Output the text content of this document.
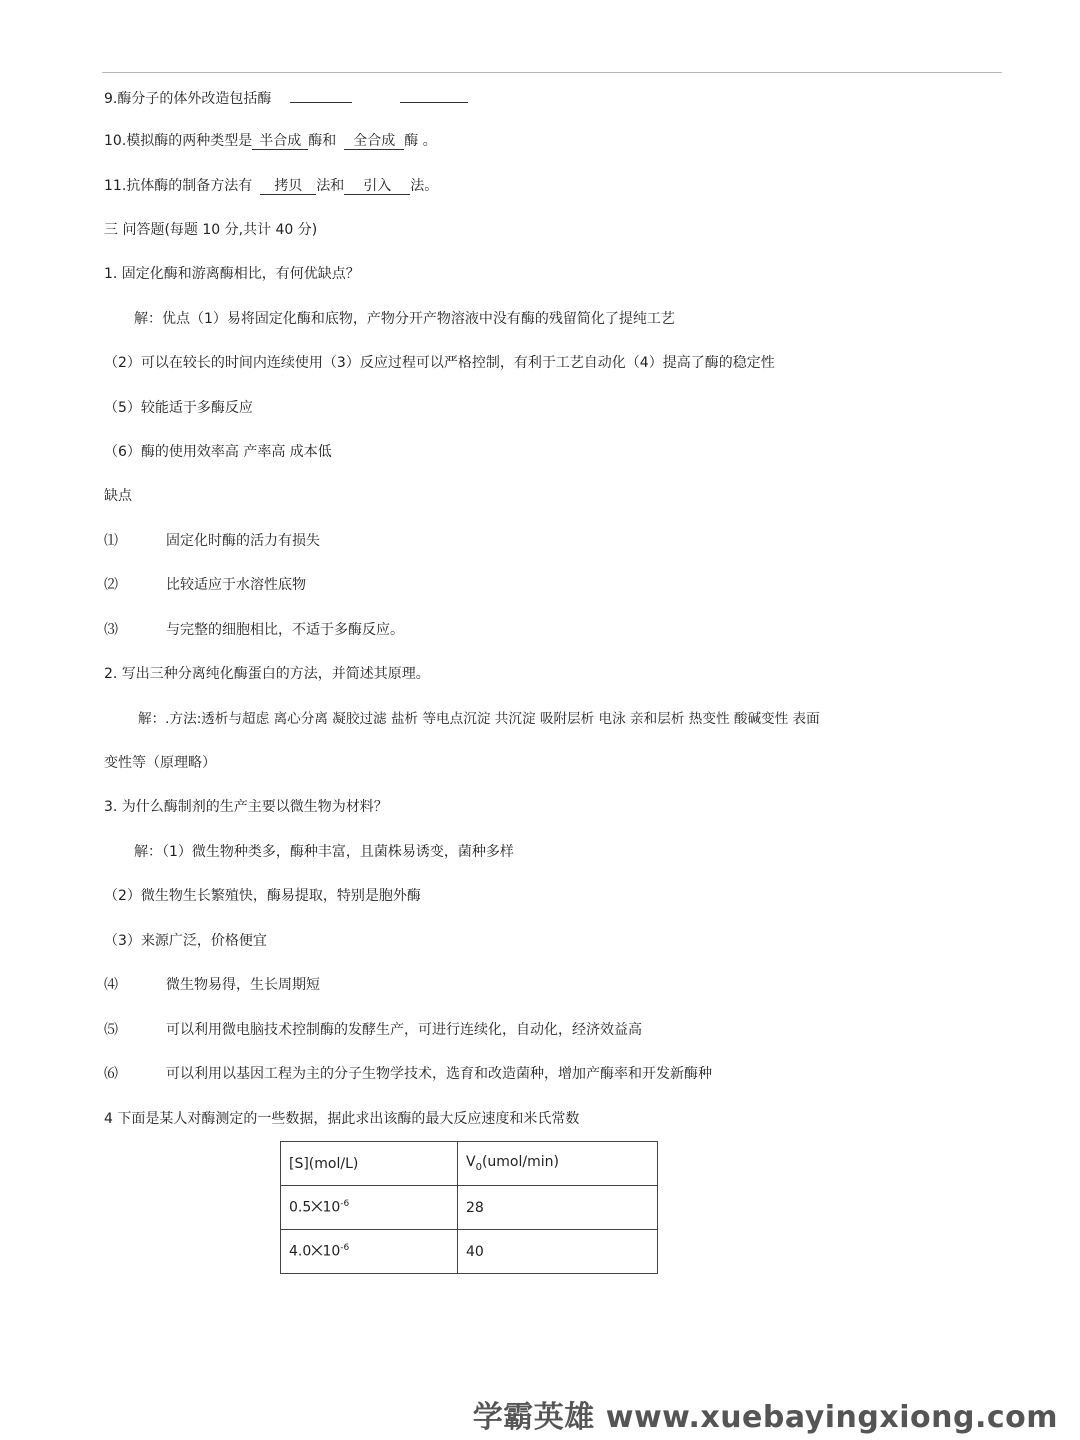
9.酶分子的体外改造包括酶
10.模拟酶的两种类型是 半合成 酶和 全合成 酶 。
11.抗体酶的制备方法有 拷贝 法和 引入 法。
三 问答题(每题 10 分,共计 40 分)
1. 固定化酶和游离酶相比，有何优缺点？
解：优点（1）易将固定化酶和底物，产物分开产物溶液中没有酶的残留简化了提纯工艺
（2）可以在较长的时间内连续使用（3）反应过程可以严格控制，有利于工艺自动化（4）提高了酶的稳定性
（5）较能适于多酶反应
（6）酶的使用效率高 产率高 成本低
缺点
⑴	固定化时酶的活力有损失
⑵	比较适应于水溶性底物
⑶	与完整的细胞相比，不适于多酶反应。
2. 写出三种分离纯化酶蛋白的方法，并简述其原理。
解：.方法:透析与超虑 离心分离 凝胶过滤 盐析 等电点沉淀 共沉淀 吸附层析 电泳 亲和层析 热变性 酸碱变性 表面
变性等（原理略）
3. 为什么酶制剂的生产主要以微生物为材料？
解：（1）微生物种类多，酶种丰富，且菌株易诱变，菌种多样
（2）微生物生长繁殖快，酶易提取，特别是胞外酶
（3）来源广泛，价格便宜
⑷	微生物易得，生长周期短
⑸	可以利用微电脑技术控制酶的发酵生产，可进行连续化，自动化，经济效益高
⑹	可以利用以基因工程为主的分子生物学技术，选育和改造菌种，增加产酶率和开发新酶种
4 下面是某人对酶测定的一些数据，据此求出该酶的最大反应速度和米氏常数
[S](mol/L)	$V_0(umol/\min)$
$0.5⨉10^{-6}$	28
$4.0⨉10^{-6}$	40
学霸英雄 www.xuebayingxiong.com
